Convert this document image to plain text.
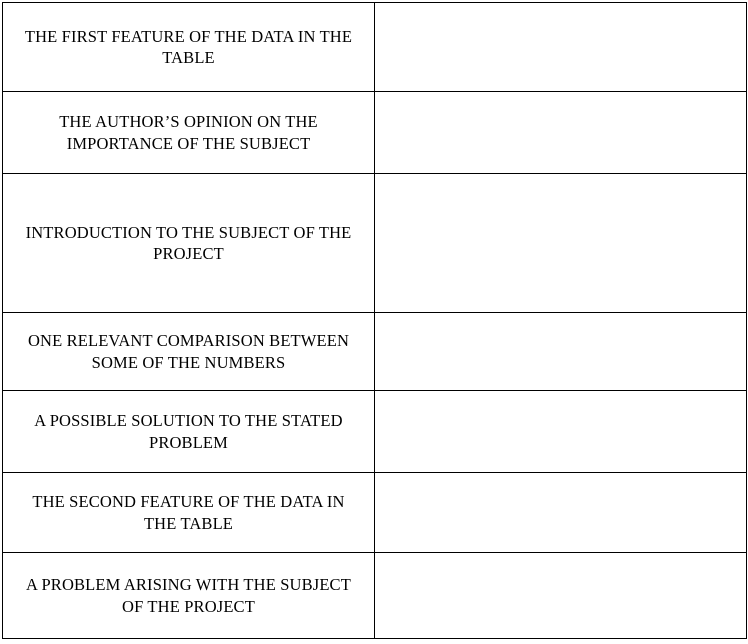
THE FIRST FEATURE OF THE DATA IN THE TABLE	

THE AUTHOR’S OPINION ON THE IMPORTANCE OF THE SUBJECT	

INTRODUCTION TO THE SUBJECT OF THE PROJECT	

ONE RELEVANT COMPARISON BETWEEN SOME OF THE NUMBERS	

A POSSIBLE SOLUTION TO THE STATED PROBLEM	

THE SECOND FEATURE OF THE DATA IN THE TABLE	

A PROBLEM ARISING WITH THE SUBJECT OF THE PROJECT	
